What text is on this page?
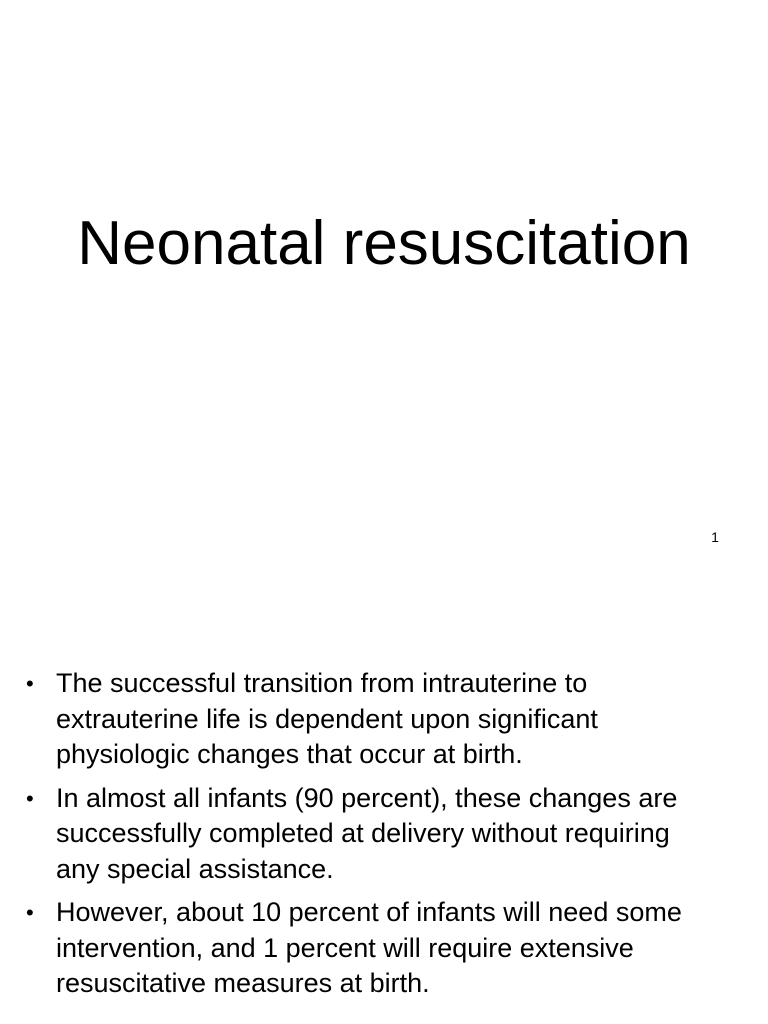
Neonatal resuscitation
1
• The successful transition from intrauterine to extrauterine life is dependent upon significant physiologic changes that occur at birth.
• In almost all infants (90 percent), these changes are successfully completed at delivery without requiring any special assistance.
• However, about 10 percent of infants will need some intervention, and 1 percent will require extensive resuscitative measures at birth.
